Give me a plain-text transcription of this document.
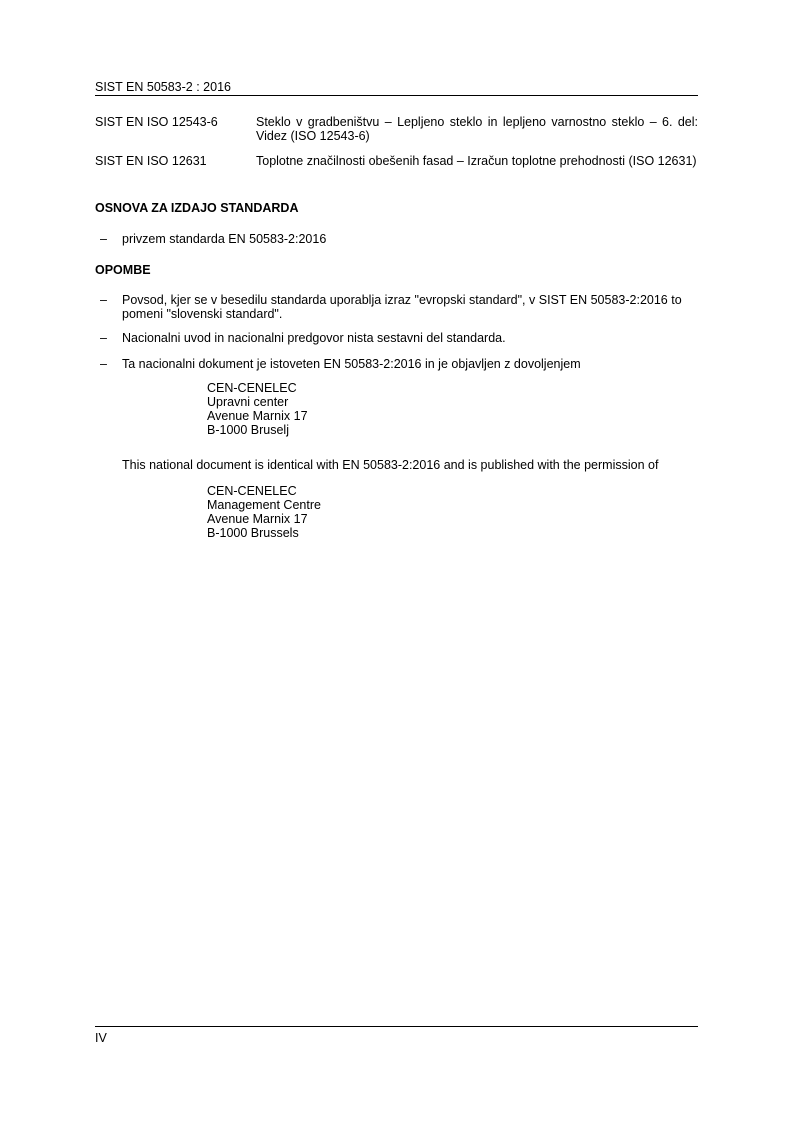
SIST EN 50583-2 : 2016
SIST EN ISO 12543-6	Steklo v gradbeništvu – Lepljeno steklo in lepljeno varnostno steklo – 6. del: Videz (ISO 12543-6)
SIST EN ISO 12631	Toplotne značilnosti obešenih fasad – Izračun toplotne prehodnosti (ISO 12631)
OSNOVA ZA IZDAJO STANDARDA
– privzem standarda EN 50583-2:2016
OPOMBE
– Povsod, kjer se v besedilu standarda uporablja izraz "evropski standard", v SIST EN 50583-2:2016 to pomeni "slovenski standard".
– Nacionalni uvod in nacionalni predgovor nista sestavni del standarda.
– Ta nacionalni dokument je istoveten EN 50583-2:2016 in je objavljen z dovoljenjem
CEN-CENELEC
Upravni center
Avenue Marnix 17
B-1000 Bruselj
This national document is identical with EN 50583-2:2016 and is published with the permission of
CEN-CENELEC
Management Centre
Avenue Marnix 17
B-1000 Brussels
IV
